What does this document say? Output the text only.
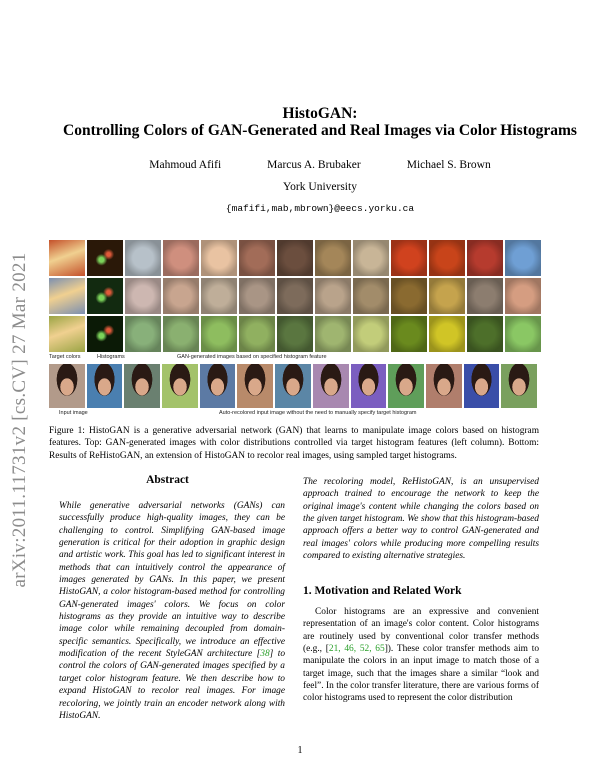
arXiv:2011.11731v2 [cs.CV] 27 Mar 2021
HistoGAN:
Controlling Colors of GAN-Generated and Real Images via Color Histograms
Mahmoud Afifi	Marcus A. Brubaker	Michael S. Brown
York University
{mafifi,mab,mbrown}@eecs.yorku.ca
Target colors	Histograms	GAN-generated images based on specified histogram feature
Input image	Auto-recolored input image without the need to manually specify target histogram
Figure 1: HistoGAN is a generative adversarial network (GAN) that learns to manipulate image colors based on histogram features. Top: GAN-generated images with color distributions controlled via target histogram features (left column). Bottom: Results of ReHistoGAN, an extension of HistoGAN to recolor real images, using sampled target histograms.
Abstract
While generative adversarial networks (GANs) can successfully produce high-quality images, they can be challenging to control. Simplifying GAN-based image generation is critical for their adoption in graphic design and artistic work. This goal has led to significant interest in methods that can intuitively control the appearance of images generated by GANs. In this paper, we present HistoGAN, a color histogram-based method for controlling GAN-generated images' colors. We focus on color histograms as they provide an intuitive way to describe image color while remaining decoupled from domain-specific semantics. Specifically, we introduce an effective modification of the recent StyleGAN architecture [38] to control the colors of GAN-generated images specified by a target color histogram feature. We then describe how to expand HistoGAN to recolor real images. For image recoloring, we jointly train an encoder network along with HistoGAN.
The recoloring model, ReHistoGAN, is an unsupervised approach trained to encourage the network to keep the original image's content while changing the colors based on the given target histogram. We show that this histogram-based approach offers a better way to control GAN-generated and real images' colors while producing more compelling results compared to existing alternative strategies.
1. Motivation and Related Work
Color histograms are an expressive and convenient representation of an image's color content. Color histograms are routinely used by conventional color transfer methods (e.g., [21, 46, 52, 65]). These color transfer methods aim to manipulate the colors in an input image to match those of a target image, such that the images share a similar “look and feel”. In the color transfer literature, there are various forms of color histograms used to represent the color distribution
1
